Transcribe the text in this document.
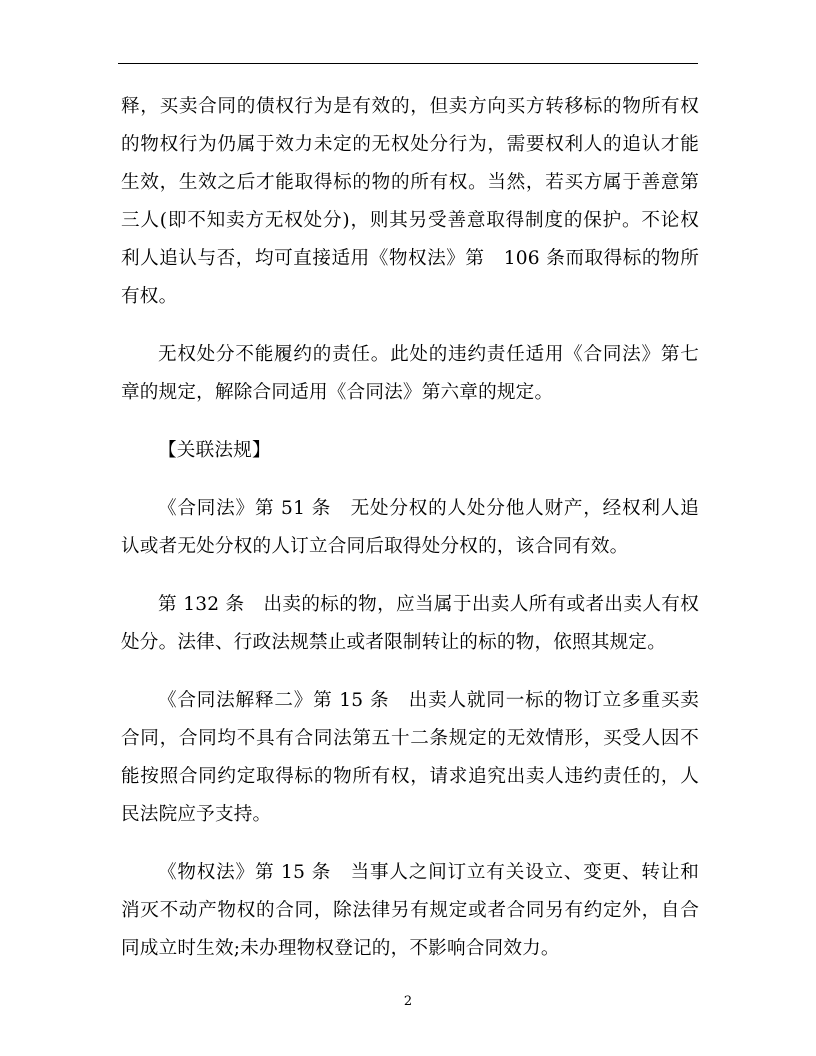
释，买卖合同的债权行为是有效的，但卖方向买方转移标的物所有权的物权行为仍属于效力未定的无权处分行为，需要权利人的追认才能生效，生效之后才能取得标的物的所有权。当然，若买方属于善意第三人(即不知卖方无权处分)，则其另受善意取得制度的保护。不论权利人追认与否，均可直接适用《物权法》第　106 条而取得标的物所有权。

无权处分不能履约的责任。此处的违约责任适用《合同法》第七章的规定，解除合同适用《合同法》第六章的规定。

【关联法规】

《合同法》第 51 条　无处分权的人处分他人财产，经权利人追认或者无处分权的人订立合同后取得处分权的，该合同有效。

第 132 条　出卖的标的物，应当属于出卖人所有或者出卖人有权处分。法律、行政法规禁止或者限制转让的标的物，依照其规定。

《合同法解释二》第 15 条　出卖人就同一标的物订立多重买卖合同，合同均不具有合同法第五十二条规定的无效情形，买受人因不能按照合同约定取得标的物所有权，请求追究出卖人违约责任的，人民法院应予支持。

《物权法》第 15 条　当事人之间订立有关设立、变更、转让和消灭不动产物权的合同，除法律另有规定或者合同另有约定外，自合同成立时生效;未办理物权登记的，不影响合同效力。

2
